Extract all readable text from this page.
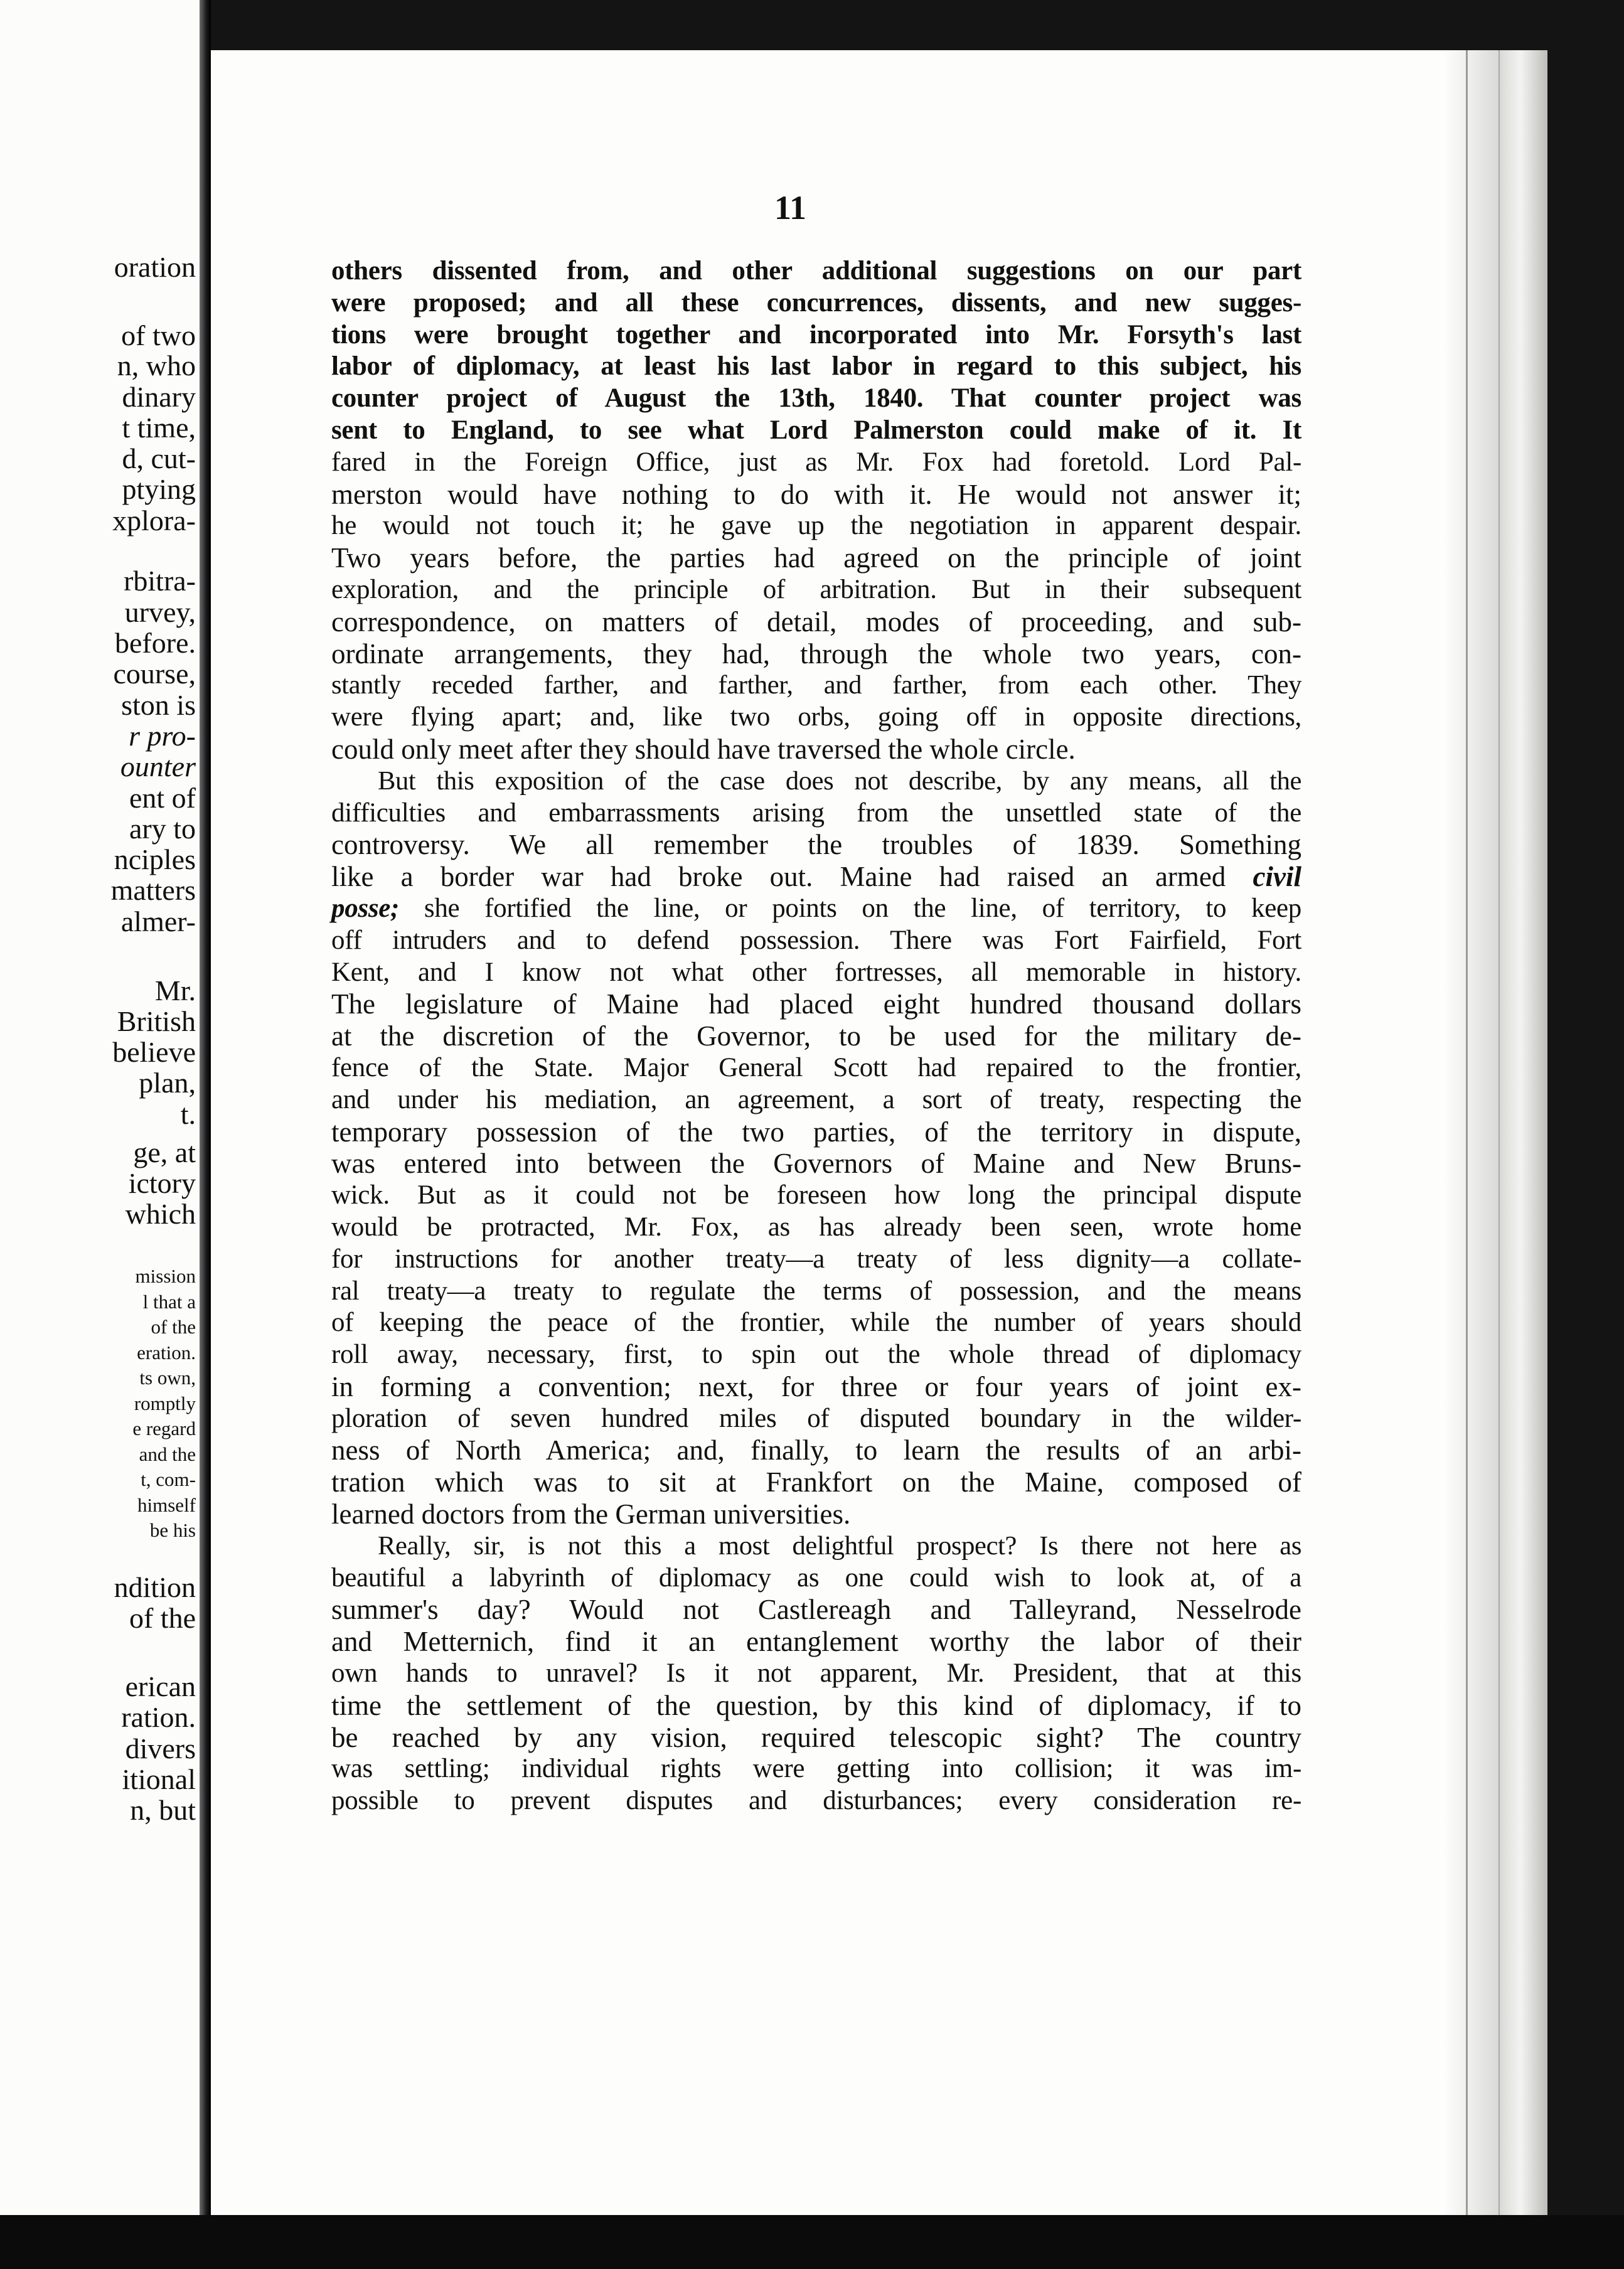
oration
of two
n, who
dinary
t time,
d, cut-
ptying
xplora-
rbitra-
urvey,
before.
course,
ston is
r pro-
ounter
ent of
ary to
nciples
matters
almer-
Mr.
British
believe
plan,
t.
ge, at
ictory
which
mission
l that a
of the
eration.
ts own,
romptly
e regard
and the
t, com-
himself
be his
ndition
of the
erican
ration.
divers
itional
n, but
11
others dissented from, and other additional suggestions on our part
were proposed; and all these concurrences, dissents, and new sugges-
tions were brought together and incorporated into Mr. Forsyth's last
labor of diplomacy, at least his last labor in regard to this subject, his
counter project of August the 13th, 1840. That counter project was
sent to England, to see what Lord Palmerston could make of it. It
fared in the Foreign Office, just as Mr. Fox had foretold. Lord Pal-
merston would have nothing to do with it. He would not answer it;
he would not touch it; he gave up the negotiation in apparent despair.
Two years before, the parties had agreed on the principle of joint
exploration, and the principle of arbitration. But in their subsequent
correspondence, on matters of detail, modes of proceeding, and sub-
ordinate arrangements, they had, through the whole two years, con-
stantly receded farther, and farther, and farther, from each other. They
were flying apart; and, like two orbs, going off in opposite directions,
could only meet after they should have traversed the whole circle.
But this exposition of the case does not describe, by any means, all the
difficulties and embarrassments arising from the unsettled state of the
controversy. We all remember the troubles of 1839. Something
like a border war had broke out. Maine had raised an armed civil
posse; she fortified the line, or points on the line, of territory, to keep
off intruders and to defend possession. There was Fort Fairfield, Fort
Kent, and I know not what other fortresses, all memorable in history.
The legislature of Maine had placed eight hundred thousand dollars
at the discretion of the Governor, to be used for the military de-
fence of the State. Major General Scott had repaired to the frontier,
and under his mediation, an agreement, a sort of treaty, respecting the
temporary possession of the two parties, of the territory in dispute,
was entered into between the Governors of Maine and New Bruns-
wick. But as it could not be foreseen how long the principal dispute
would be protracted, Mr. Fox, as has already been seen, wrote home
for instructions for another treaty—a treaty of less dignity—a collate-
ral treaty—a treaty to regulate the terms of possession, and the means
of keeping the peace of the frontier, while the number of years should
roll away, necessary, first, to spin out the whole thread of diplomacy
in forming a convention; next, for three or four years of joint ex-
ploration of seven hundred miles of disputed boundary in the wilder-
ness of North America; and, finally, to learn the results of an arbi-
tration which was to sit at Frankfort on the Maine, composed of
learned doctors from the German universities.
Really, sir, is not this a most delightful prospect? Is there not here as
beautiful a labyrinth of diplomacy as one could wish to look at, of a
summer's day? Would not Castlereagh and Talleyrand, Nesselrode
and Metternich, find it an entanglement worthy the labor of their
own hands to unravel? Is it not apparent, Mr. President, that at this
time the settlement of the question, by this kind of diplomacy, if to
be reached by any vision, required telescopic sight? The country
was settling; individual rights were getting into collision; it was im-
possible to prevent disputes and disturbances; every consideration re-
